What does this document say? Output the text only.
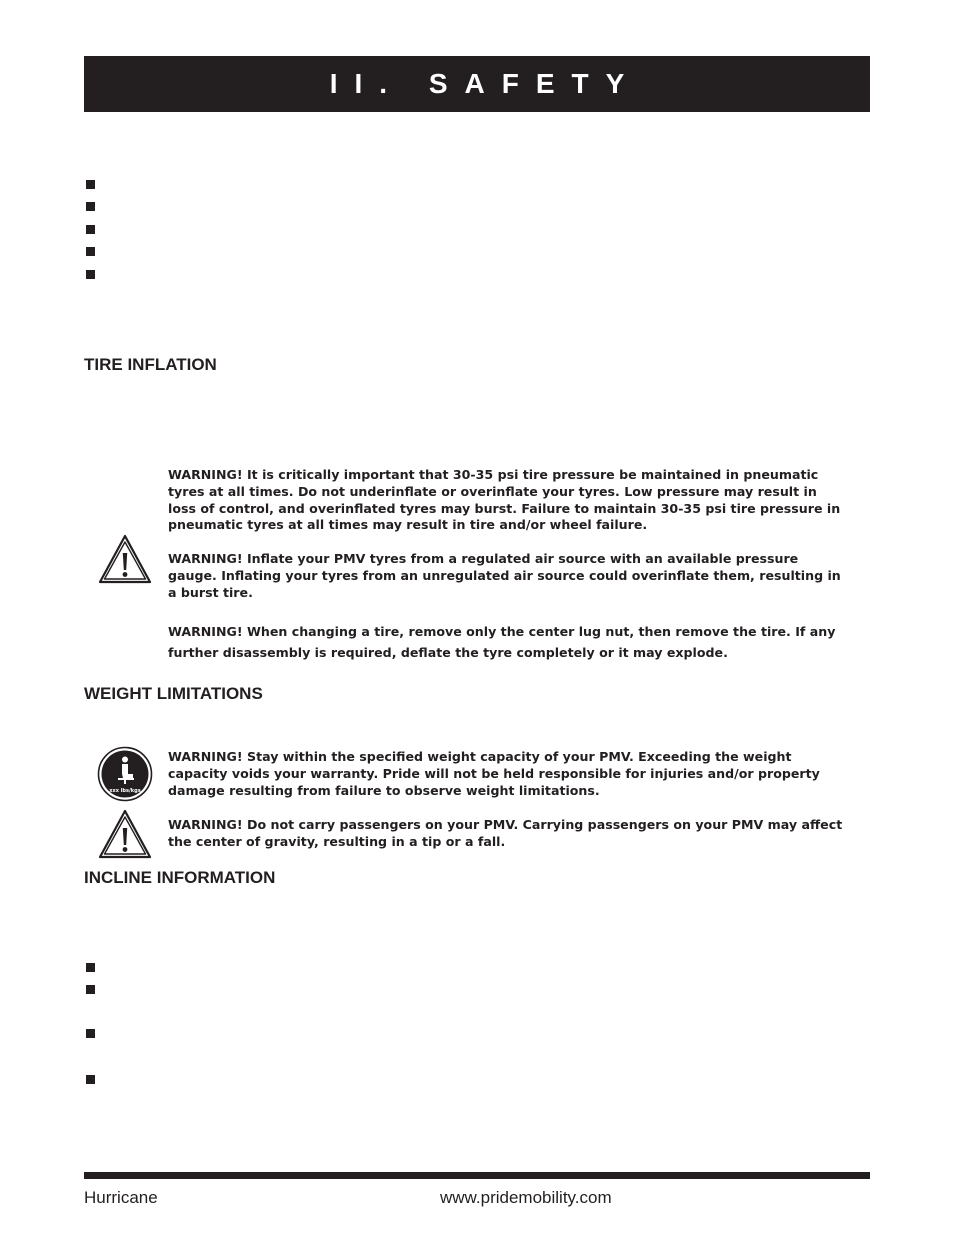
II. SAFETY
TIRE INFLATION
WARNING! It is critically important that 30-35 psi tire pressure be maintained in pneumatic tyres at all times. Do not underinflate or overinflate your tyres. Low pressure may result in loss of control, and overinflated tyres may burst. Failure to maintain 30-35 psi tire pressure in pneumatic tyres at all times may result in tire and/or wheel failure.
WARNING! Inflate your PMV tyres from a regulated air source with an available pressure gauge. Inflating your tyres from an unregulated air source could overinflate them, resulting in a burst tire.
WARNING! When changing a tire, remove only the center lug nut, then remove the tire. If any further disassembly is required, deflate the tyre completely or it may explode.
WEIGHT LIMITATIONS
xxx lbs/kgs
WARNING! Stay within the specified weight capacity of your PMV. Exceeding the weight capacity voids your warranty. Pride will not be held responsible for injuries and/or property damage resulting from failure to observe weight limitations.
WARNING! Do not carry passengers on your PMV. Carrying passengers on your PMV may affect the center of gravity, resulting in a tip or a fall.
INCLINE INFORMATION
Hurricane	www.pridemobility.com
